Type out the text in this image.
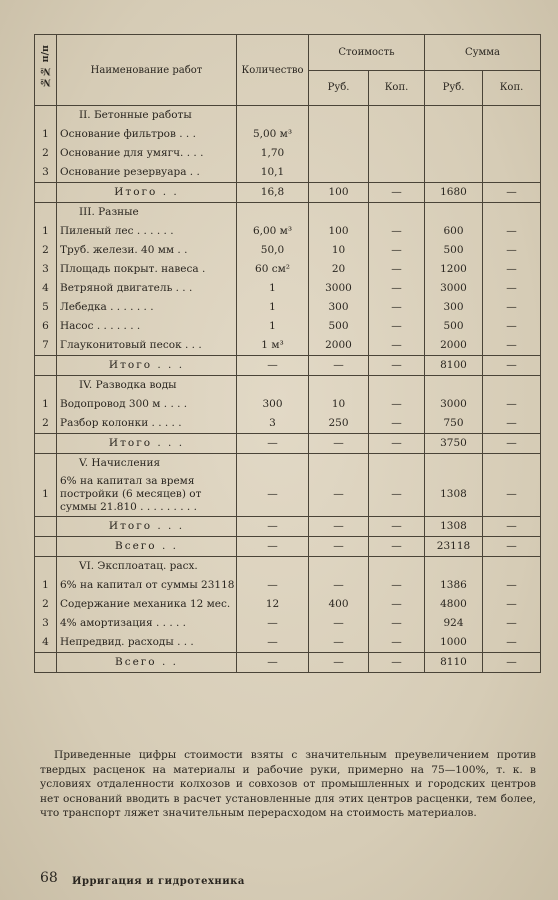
№№ п/п	Наименование работ	Количество	Стоимость		Сумма	
			Руб.	Коп.	Руб.	Коп.
	II. Бетонные работы					
1	Основание фильтров . . .	5,00 м³				
2	Основание для умягч. . . .	1,70				
3	Основание резервуара . .	10,1				
	Итого . .	16,8	100	—	1680	—
	III. Разные					
1	Пиленый лес . . . . . .	6,00 м³	100	—	600	—
2	Труб. желези. 40 мм . .	50,0	10	—	500	—
3	Площадь покрыт. навеса .	60 см²	20	—	1200	—
4	Ветряной двигатель . . .	1	3000	—	3000	—
5	Лебедка . . . . . . .	1	300	—	300	—
6	Насос . . . . . . .	1	500	—	500	—
7	Глауконитовый песок . . .	1 м³	2000	—	2000	—
	Итого . . .	—	—	—	8100	—
	IV. Разводка воды					
1	Водопровод 300 м . . . .	300	10	—	3000	—
2	Разбор колонки . . . . .	3	250	—	750	—
	Итого . . .	—	—	—	3750	—
	V. Начисления					
1	6% на капитал за время постройки (6 месяцев) от суммы 21.810 . . . . . . . . .	—	—	—	1308	—
	Итого . . .	—	—	—	1308	—
	Всего . .	—	—	—	23118	—
	VI. Эксплоатац. расх.					
1	6% на капитал от суммы 23118	—	—	—	1386	—
2	Содержание механика 12 мес.	12	400	—	4800	—
3	4% амортизация . . . . .	—	—	—	924	—
4	Непредвид. расходы . . .	—	—	—	1000	—
	Всего . .	—	—	—	8110	—

Приведенные цифры стоимости взяты с значительным преувеличением против твердых расценок на материалы и рабочие руки, примерно на 75—100%, т. к. в условиях отдаленности колхозов и совхозов от промышленных и городских центров нет оснований вводить в расчет установленные для этих центров расценки, тем более, что транспорт ляжет значительным перерасходом на стоимость материалов.

68 Ирригация и гидротехника
